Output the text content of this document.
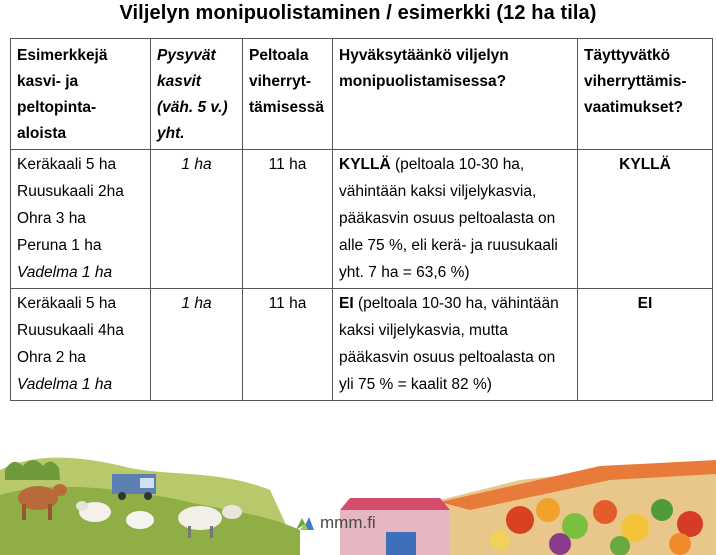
Viljelyn monipuolistaminen / esimerkki (12 ha tila)
Esimerkkejä kasvi- ja peltopinta-aloista	Pysyvät kasvit (väh. 5 v.) yht.	Peltoala viherryt-tämisessä	Hyväksytäänkö viljelyn monipuolistamisessa?	Täyttyvätkö viherryttämis-vaatimukset?

Keräkaali 5 ha
Ruusukaali 2ha
Ohra 3 ha
Peruna 1 ha
Vadelma 1 ha	1 ha	11 ha	KYLLÄ (peltoala 10-30 ha, vähintään kaksi viljelykasvia, pääkasvin osuus peltoalasta on alle 75 %, eli kerä- ja ruusukaali yht. 7 ha = 63,6 %)	KYLLÄ

Keräkaali 5 ha
Ruusukaali 4ha
Ohra 2 ha
Vadelma 1 ha	1 ha	11 ha	EI (peltoala 10-30 ha, vähintään kaksi viljelykasvia, mutta pääkasvin osuus peltoalasta on yli 75 % = kaalit 82 %)	EI
mmm.fi
